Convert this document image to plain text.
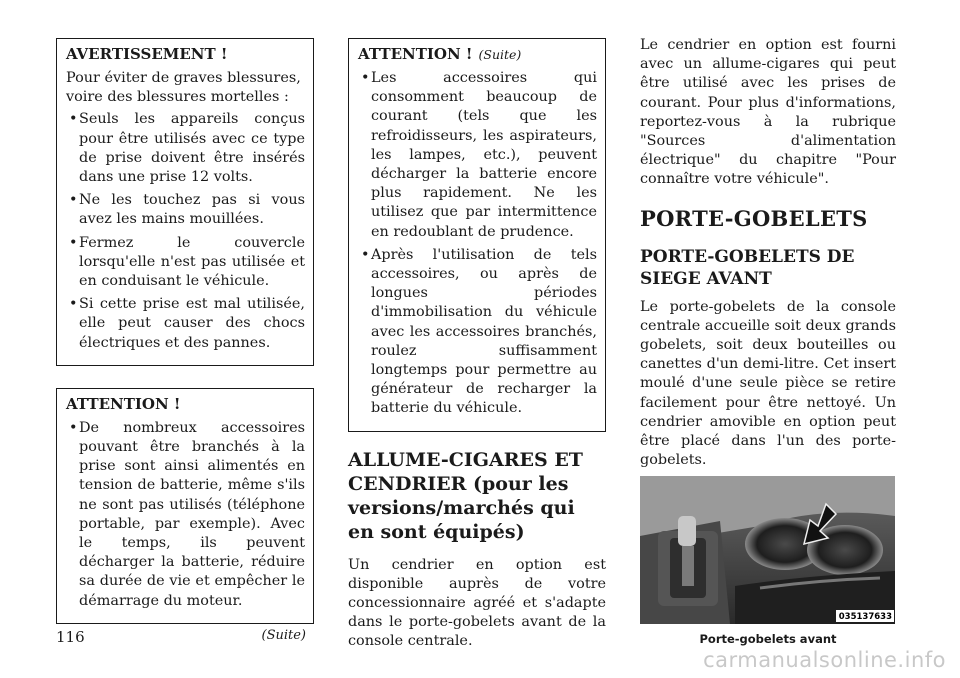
AVERTISSEMENT !

Pour éviter de graves blessures, voire des blessures mortelles :

• Seuls les appareils conçus pour être utilisés avec ce type de prise doivent être insérés dans une prise 12 volts.
• Ne les touchez pas si vous avez les mains mouillées.
• Fermez le couvercle lorsqu'elle n'est pas utilisée et en conduisant le véhicule.
• Si cette prise est mal utilisée, elle peut causer des chocs électriques et des pannes.
ATTENTION !
• De nombreux accessoires pouvant être branchés à la prise sont ainsi alimentés en tension de batterie, même s'ils ne sont pas utilisés (téléphone portable, par exemple). Avec le temps, ils peuvent décharger la batterie, réduire sa durée de vie et empêcher le démarrage du moteur.
(Suite)
ATTENTION ! (Suite)
• Les accessoires qui consomment beaucoup de courant (tels que les refroidisseurs, les aspirateurs, les lampes, etc.), peuvent décharger la batterie encore plus rapidement. Ne les utilisez que par intermittence en redoublant de prudence.
• Après l'utilisation de tels accessoires, ou après de longues périodes d'immobilisation du véhicule avec les accessoires branchés, roulez suffisamment longtemps pour permettre au générateur de recharger la batterie du véhicule.
ALLUME-CIGARES ET CENDRIER (pour les versions/marchés qui en sont équipés)

Un cendrier en option est disponible auprès de votre concessionnaire agréé et s'adapte dans le porte-gobelets avant de la console centrale.

Le cendrier en option est fourni avec un allume-cigares qui peut être utilisé avec les prises de courant. Pour plus d'informations, reportez-vous à la rubrique "Sources d'alimentation électrique" du chapitre "Pour connaître votre véhicule".

PORTE-GOBELETS
PORTE-GOBELETS DE SIEGE AVANT

Le porte-gobelets de la console centrale accueille soit deux grands gobelets, soit deux bouteilles ou canettes d'un demi-litre. Cet insert moulé d'une seule pièce se retire facilement pour être nettoyé. Un cendrier amovible en option peut être placé dans l'un des porte-gobelets.

035137633
Porte-gobelets avant
116
carmanualsonline.info
